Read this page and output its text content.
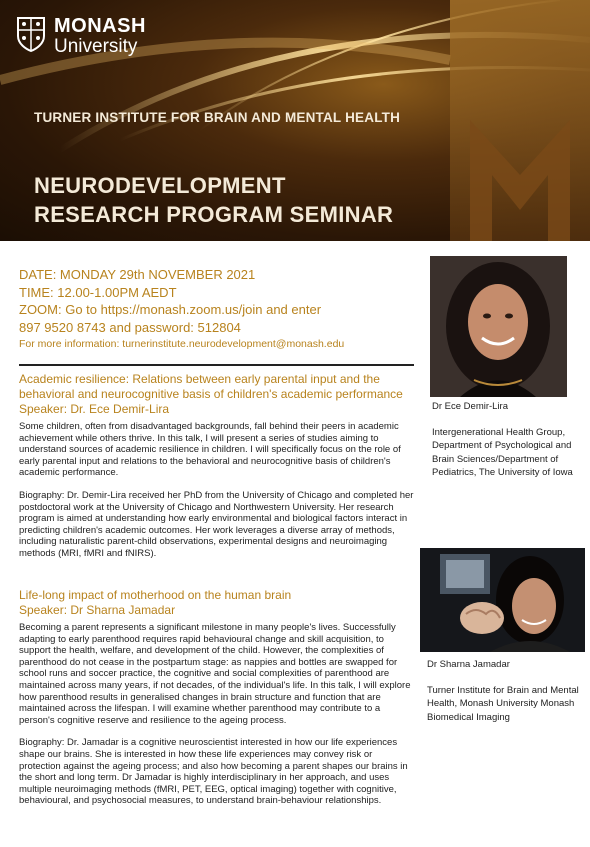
MONASH
University
TURNER INSTITUTE FOR BRAIN AND MENTAL HEALTH
NEURODEVELOPMENT
RESEARCH PROGRAM SEMINAR
DATE: MONDAY 29th NOVEMBER 2021
TIME: 12.00-1.00PM AEDT
ZOOM: Go to https://monash.zoom.us/join and enter
897 9520 8743 and password: 512804
For more information: turnerinstitute.neurodevelopment@monash.edu
Academic resilience: Relations between early parental input and the
behavioral and neurocognitive basis of children's academic performance
Speaker: Dr. Ece Demir-Lira

Some children, often from disadvantaged backgrounds, fall behind their peers in academic achievement while others thrive. In this talk, I will present a series of studies aiming to understand sources of academic resilience in children. I will specifically focus on the role of early parental input and relations to the behavioral and neurocognitive basis of children's academic performance.

Biography: Dr. Demir-Lira received her PhD from the University of Chicago and completed her postdoctoral work at the University of Chicago and Northwestern University. Her research program is aimed at understanding how early environmental and biological factors interact in predicting children's academic outcomes. Her work leverages a diverse array of methods, including naturalistic parent-child observations, experimental designs and neuroimaging methods (MRI, fMRI and fNIRS).

Life-long impact of motherhood on the human brain
Speaker: Dr Sharna Jamadar

Becoming a parent represents a significant milestone in many people's lives. Successfully adapting to early parenthood requires rapid behavioural change and skill acquisition, to support the health, welfare, and development of the child. However, the complexities of parenthood do not cease in the postpartum stage: as nappies and bottles are swapped for school runs and soccer practice, the cognitive and social complexities of parenthood are maintained across many years, if not decades, of the individual's life. In this talk, I will explore how parenthood results in generalised changes in brain structure and function that are maintained across the lifespan. I will examine whether parenthood may contribute to a person's cognitive reserve and resilience to the ageing process.

Biography: Dr. Jamadar is a cognitive neuroscientist interested in how our life experiences shape our brains. She is interested in how these life experiences may convey risk or protection against the ageing process; and also how becoming a parent shapes our brains in the short and long term. Dr Jamadar is highly interdisciplinary in her approach, and uses multiple neuroimaging methods (fMRI, PET, EEG, optical imaging) together with cognitive, behavioural, and psychosocial measures, to understand brain-behaviour relationships.

Dr Ece Demir-Lira
Intergenerational Health Group, Department of Psychological and Brain Sciences/Department of Pediatrics, The University of Iowa
Dr Sharna Jamadar
Turner Institute for Brain and Mental Health, Monash University Monash Biomedical Imaging
